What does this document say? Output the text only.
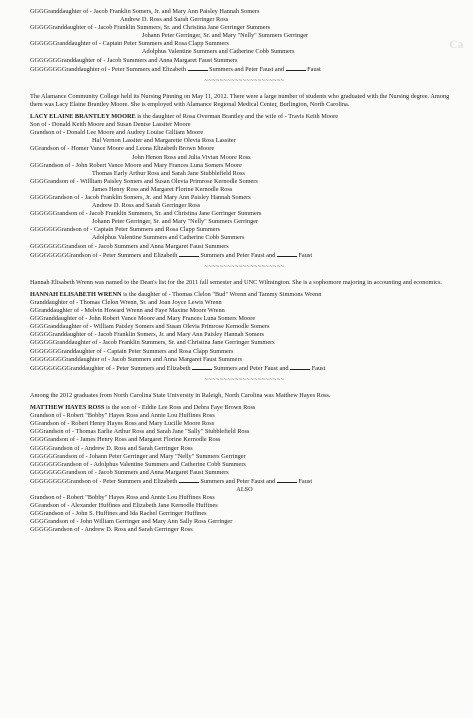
Ca
GGGGranddaughter of - Jacob Franklin Somers, Jr. and Mary Ann Paisley Hannah Somers
Andrew D. Ross and Sarah Gerringer Ross
GGGGGranddaughter of - Jacob Franklin Summers, Sr. and Christina Jane Gerringer Summers
Johann Peter Gerringer, Sr. and Mary "Nelly" Summers Gerringer
GGGGGGranddaughter of - Captain Peter Summers and Rosa Clapp Summers
Adolphus Valentine Summers and Catherine Cobb Summers
GGGGGGGranddaughter of - Jacob Summers and Anna Margaret Faust Summers
GGGGGGGGranddaughter of - Peter Summers and Elizabeth	Summers and Peter Faust and	Faust
~~~~~~~~~~~~~~~~~~~~~
The Alamance Community College held its Nursing Pinning on May 11, 2012. There were a large number of students who graduated with the Nursing degree. Among them was Lacy Elaine Brantley Moore. She is employed with Alamance Regional Medical Center, Burlington, North Carolina.
LACY ELAINE BRANTLEY MOORE is the daughter of Rosa Overman Brantley and the wife of - Travis Keith Moore
Son of - Donald Keith Moore and Susan Denise Lassiter Moore
Grandson of - Donald Lee Moore and Audrey Louise Gilliam Moore
Hal Vernon Lassiter and Margarette Olevia Ross Lassiter
GGrandson of - Homer Vance Moore and Leona Elizabeth Brown Moore
John Henon Ross and Julia Vivian Moore Ross
GGGrandson of - John Robert Vance Moore and Mary Frances Luna Somers Moore
Thomas Early Arthur Ross and Sarah Jane Stubblefield Ross
GGGGrandson of - Willliam Paisley Somers and Susan Olevia Primrose Kernodle Somers
James Henry Ross and Margaret Florine Kernodle Ross
GGGGGrandson of - Jacob Franklin Somers, Jr. and Mary Ann Paisley Hannah Somers
Andrew D. Ross and Sarah Gerringer Ross
GGGGGGrandson of - Jacob Franklin Summers, Sr. and Christina Jane Gerringer Summers
Johann Peter Gerringer, Sr. and Mary "Nelly" Summers Gerringer
GGGGGGGrandson of - Captain Peter Summers and Rosa Clapp Summers
Adolphus Valentine Summers and Catherine Cobb Summers
GGGGGGGGrandson of - Jacob Summers and Anna Margaret Faust Summers
GGGGGGGGGrandson of - Peter Summers and Elizabeth	Summers and Peter Faust and	Faust
~~~~~~~~~~~~~~~~~~~~~
Hannah Elisabeth Wrenn was named to the Dean's list for the 2011 fall semester and UNC Wilmington. She is a sophomore majoring in accounting and economics.
HANNAH ELISABETH WRENN is the daughter of - Thomas Clelon "Bud" Wrenn and Tammy Simmons Wrenn
Granddaughter of - Thomas Clelon Wrenn, Sr. and Joan Joyce Lewis Wrenn
GGranddaughter of - Melvin Howard Wrenn and Faye Maxine Moore Wrenn
GGGranddaughter of - John Robert Vance Moore and Mary Frances Luna Somers Moore
GGGGranddaughter of - William Paisley Somers and Susan Olevia Primrose Kernodle Somers
GGGGGranddaughter of - Jacob Franklin Somers, Jr. and Mary Ann Paisley Hannah Somers
GGGGGGranddaughter of - Jacob Franklin Summers, Sr. and Christina Jane Gerringer Summers
GGGGGGGranddaughter of - Captain Peter Summers and Rosa Clapp Summers
GGGGGGGGranddaughter of - Jacob Summers and Anna Margaret Faust Summers
GGGGGGGGGranddaughter of - Peter Summers and Elizabeth	Summers and Peter Faust and	Faust
~~~~~~~~~~~~~~~~~~~~~
Among the 2012 graduates from North Carolina State University in Raleigh, North Carolina was Matthew Hayes Ross.
MATTHEW HAYES ROSS is the son of - Eddie Lee Ross and Debra Faye Brown Ross
Grandson of - Robert "Bobby" Hayes Ross and Annie Lou Huffines Ross
GGrandson of - Robert Henry Hayes Ross and Mary Lucille Moore Ross
GGGrandson of - Thomas Earlie Arthur Ross and Sarah Jane "Sally" Stubblefield Ross
GGGGrandson of - James Henry Ross and Margaret Florine Kernodle Ross
GGGGGrandson of - Andrew D. Ross and Sarah Gerringer Ross
GGGGGGrandson of - Johann Peter Gerringer and Mary "Nelly" Summers Gerringer
GGGGGGGrandson of - Adolphus Valentine Summers and Catherine Cobb Summers
GGGGGGGGrandson of - Jacob Summers and Anna Margaret Faust Summers
GGGGGGGGGrandson of - Peter Summers and Elizabeth	Summers and Peter Faust and	Faust
ALSO
Grandson of - Robert "Bobby" Hayes Ross and Annie Lou Huffines Ross
GGrandson of - Alexander Huffines and Elizabeth Jane Kernodle Huffines
GGGrandson of - John S. Huffines and Ida Rachel Gerringer Huffines
GGGGrandson of - John William Gerringer and Mary Ann Sally Ross Gerringer
GGGGGrandson of - Andrew D. Ross and Sarah Gerringer Ross
